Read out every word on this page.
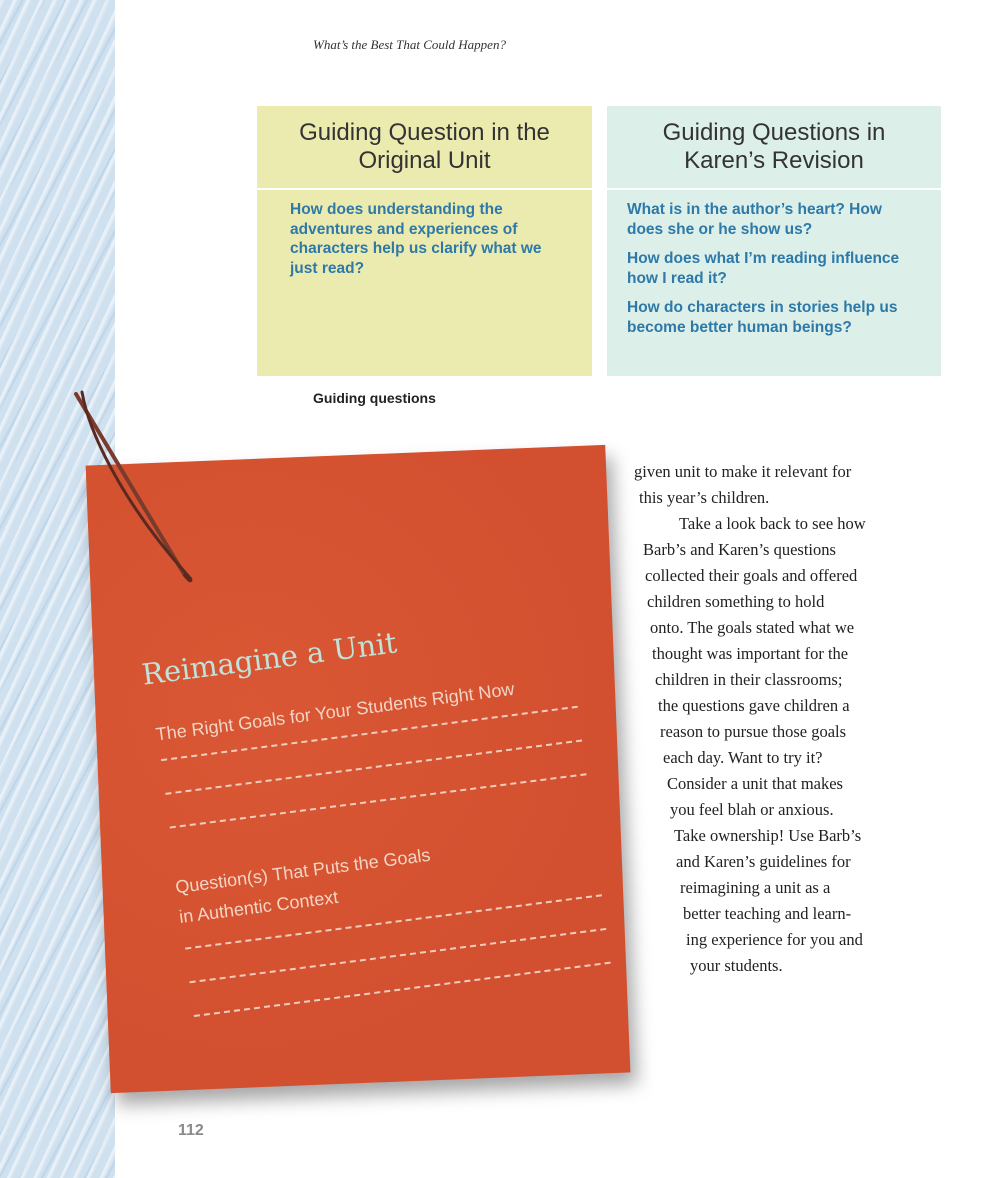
What’s the Best That Could Happen?
Guiding Question in the Original Unit

How does understanding the adventures and experiences of characters help us clarify what we just read?

Guiding Questions in Karen’s Revision

What is in the author’s heart? How does she or he show us?

How does what I’m reading influence how I read it?

How do characters in stories help us become better human beings?

Guiding questions
Reimagine a Unit
The Right Goals for Your Students Right Now
Question(s) That Puts the Goals
in Authentic Context
given unit to make it relevant for
this year’s children.
Take a look back to see how
Barb’s and Karen’s questions
collected their goals and offered
children something to hold
onto. The goals stated what we
thought was important for the
children in their classrooms;
the questions gave children a
reason to pursue those goals
each day. Want to try it?
Consider a unit that makes
you feel blah or anxious.
Take ownership! Use Barb’s
and Karen’s guidelines for
reimagining a unit as a
better teaching and learn-
ing experience for you and
your students.
112
